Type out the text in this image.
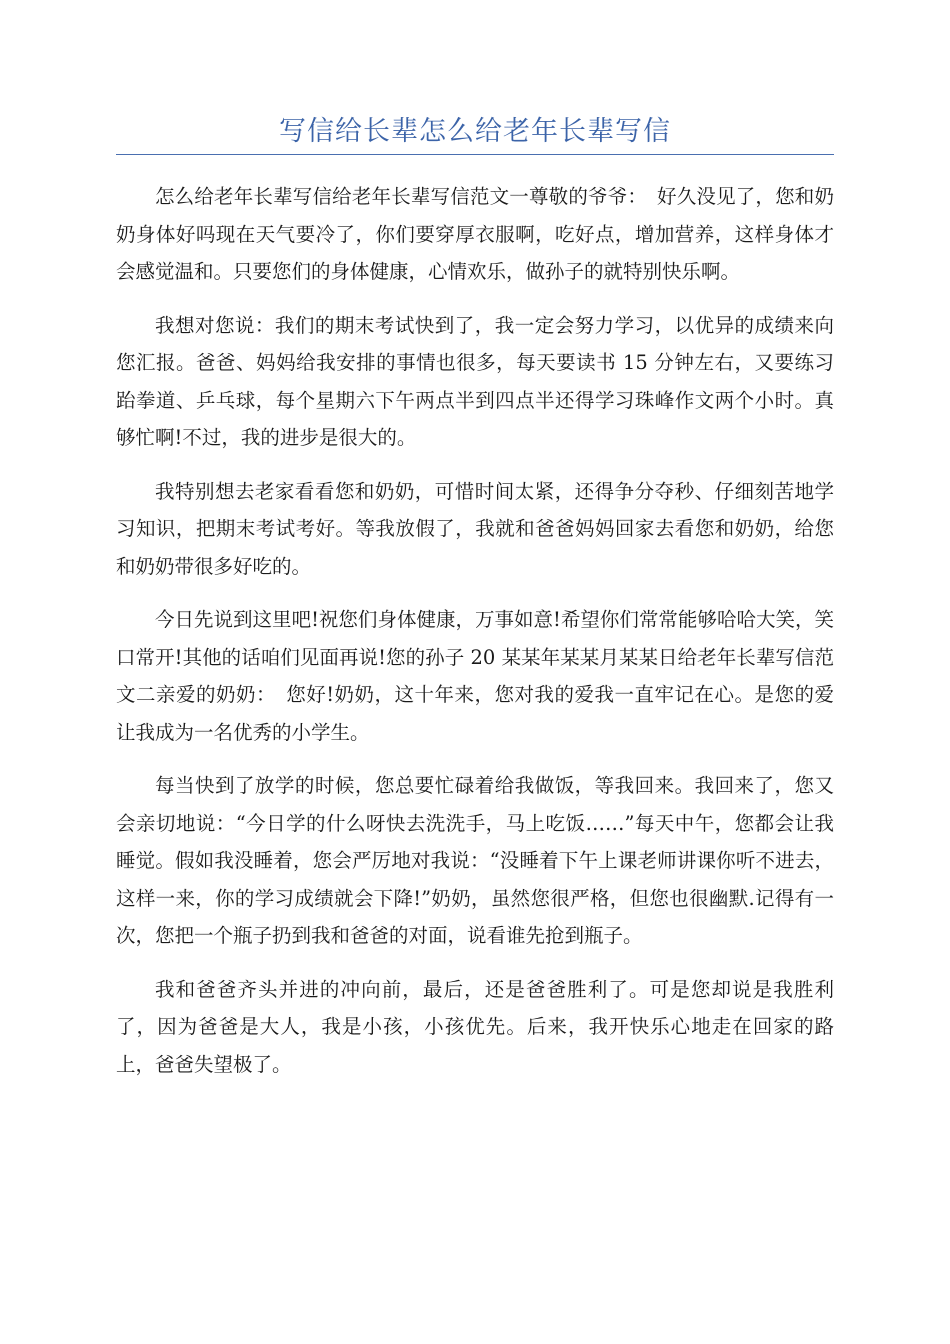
写信给长辈怎么给老年长辈写信

怎么给老年长辈写信给老年长辈写信范文一尊敬的爷爷：　好久没见了，您和奶奶身体好吗现在天气要冷了，你们要穿厚衣服啊，吃好点，增加营养，这样身体才会感觉温和。只要您们的身体健康，心情欢乐，做孙子的就特别快乐啊。

我想对您说：我们的期末考试快到了，我一定会努力学习，以优异的成绩来向您汇报。爸爸、妈妈给我安排的事情也很多，每天要读书 15 分钟左右，又要练习跆拳道、乒乓球，每个星期六下午两点半到四点半还得学习珠峰作文两个小时。真够忙啊!不过，我的进步是很大的。

我特别想去老家看看您和奶奶，可惜时间太紧，还得争分夺秒、仔细刻苦地学习知识，把期末考试考好。等我放假了，我就和爸爸妈妈回家去看您和奶奶，给您和奶奶带很多好吃的。

今日先说到这里吧!祝您们身体健康，万事如意!希望你们常常能够哈哈大笑，笑口常开!其他的话咱们见面再说!您的孙子 20 某某年某某月某某日给老年长辈写信范文二亲爱的奶奶：　您好!奶奶，这十年来，您对我的爱我一直牢记在心。是您的爱让我成为一名优秀的小学生。

每当快到了放学的时候，您总要忙碌着给我做饭，等我回来。我回来了，您又会亲切地说：“今日学的什么呀快去洗洗手，马上吃饭……”每天中午，您都会让我睡觉。假如我没睡着，您会严厉地对我说：“没睡着下午上课老师讲课你听不进去，这样一来，你的学习成绩就会下降!”奶奶，虽然您很严格，但您也很幽默.记得有一次，您把一个瓶子扔到我和爸爸的对面，说看谁先抢到瓶子。

我和爸爸齐头并进的冲向前，最后，还是爸爸胜利了。可是您却说是我胜利了，因为爸爸是大人，我是小孩，小孩优先。后来，我开快乐心地走在回家的路上，爸爸失望极了。
